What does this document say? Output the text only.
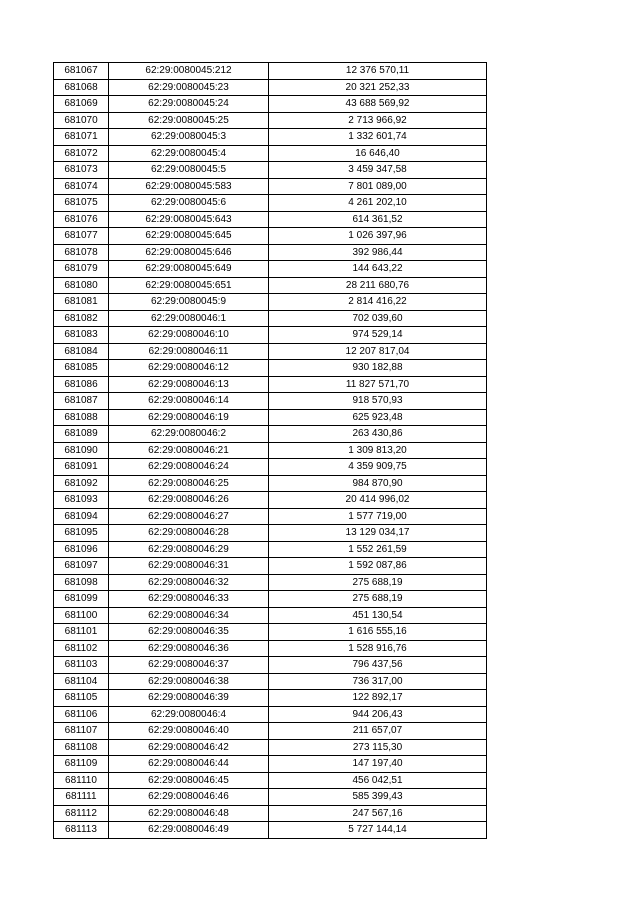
681067	62:29:0080045:212	12 376 570,11
681068	62:29:0080045:23	20 321 252,33
681069	62:29:0080045:24	43 688 569,92
681070	62:29:0080045:25	2 713 966,92
681071	62:29:0080045:3	1 332 601,74
681072	62:29:0080045:4	16 646,40
681073	62:29:0080045:5	3 459 347,58
681074	62:29:0080045:583	7 801 089,00
681075	62:29:0080045:6	4 261 202,10
681076	62:29:0080045:643	614 361,52
681077	62:29:0080045:645	1 026 397,96
681078	62:29:0080045:646	392 986,44
681079	62:29:0080045:649	144 643,22
681080	62:29:0080045:651	28 211 680,76
681081	62:29:0080045:9	2 814 416,22
681082	62:29:0080046:1	702 039,60
681083	62:29:0080046:10	974 529,14
681084	62:29:0080046:11	12 207 817,04
681085	62:29:0080046:12	930 182,88
681086	62:29:0080046:13	11 827 571,70
681087	62:29:0080046:14	918 570,93
681088	62:29:0080046:19	625 923,48
681089	62:29:0080046:2	263 430,86
681090	62:29:0080046:21	1 309 813,20
681091	62:29:0080046:24	4 359 909,75
681092	62:29:0080046:25	984 870,90
681093	62:29:0080046:26	20 414 996,02
681094	62:29:0080046:27	1 577 719,00
681095	62:29:0080046:28	13 129 034,17
681096	62:29:0080046:29	1 552 261,59
681097	62:29:0080046:31	1 592 087,86
681098	62:29:0080046:32	275 688,19
681099	62:29:0080046:33	275 688,19
681100	62:29:0080046:34	451 130,54
681101	62:29:0080046:35	1 616 555,16
681102	62:29:0080046:36	1 528 916,76
681103	62:29:0080046:37	796 437,56
681104	62:29:0080046:38	736 317,00
681105	62:29:0080046:39	122 892,17
681106	62:29:0080046:4	944 206,43
681107	62:29:0080046:40	211 657,07
681108	62:29:0080046:42	273 115,30
681109	62:29:0080046:44	147 197,40
681110	62:29:0080046:45	456 042,51
681111	62:29:0080046:46	585 399,43
681112	62:29:0080046:48	247 567,16
681113	62:29:0080046:49	5 727 144,14
